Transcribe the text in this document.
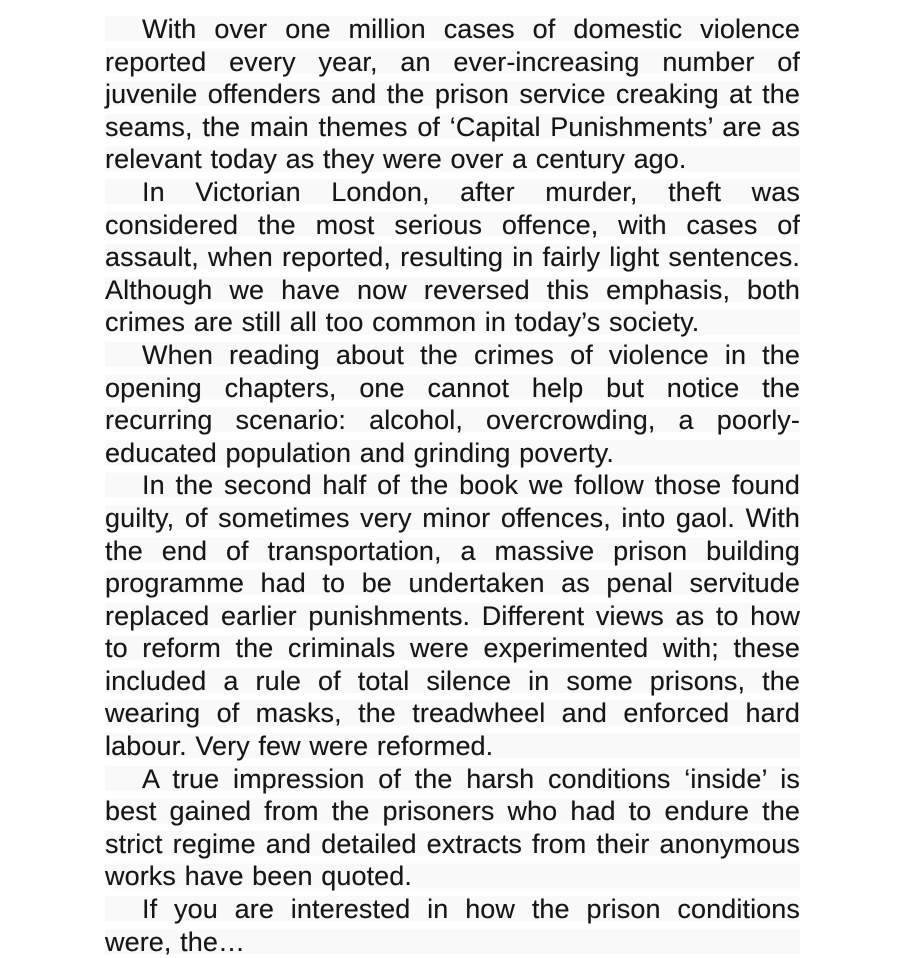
With over one million cases of domestic violence reported every year, an ever-increasing number of juvenile offenders and the prison service creaking at the seams, the main themes of ‘Capital Punishments’ are as relevant today as they were over a century ago.

In Victorian London, after murder, theft was considered the most serious offence, with cases of assault, when reported, resulting in fairly light sentences. Although we have now reversed this emphasis, both crimes are still all too common in today’s society.

When reading about the crimes of violence in the opening chapters, one cannot help but notice the recurring scenario: alcohol, overcrowding, a poorly-educated population and grinding poverty.

In the second half of the book we follow those found guilty, of sometimes very minor offences, into gaol. With the end of transportation, a massive prison building programme had to be undertaken as penal servitude replaced earlier punishments. Different views as to how to reform the criminals were experimented with; these included a rule of total silence in some prisons, the wearing of masks, the treadwheel and enforced hard labour. Very few were reformed.

A true impression of the harsh conditions ‘inside’ is best gained from the prisoners who had to endure the strict regime and detailed extracts from their anonymous works have been quoted.

If you are interested in how the prison conditions were, the…
